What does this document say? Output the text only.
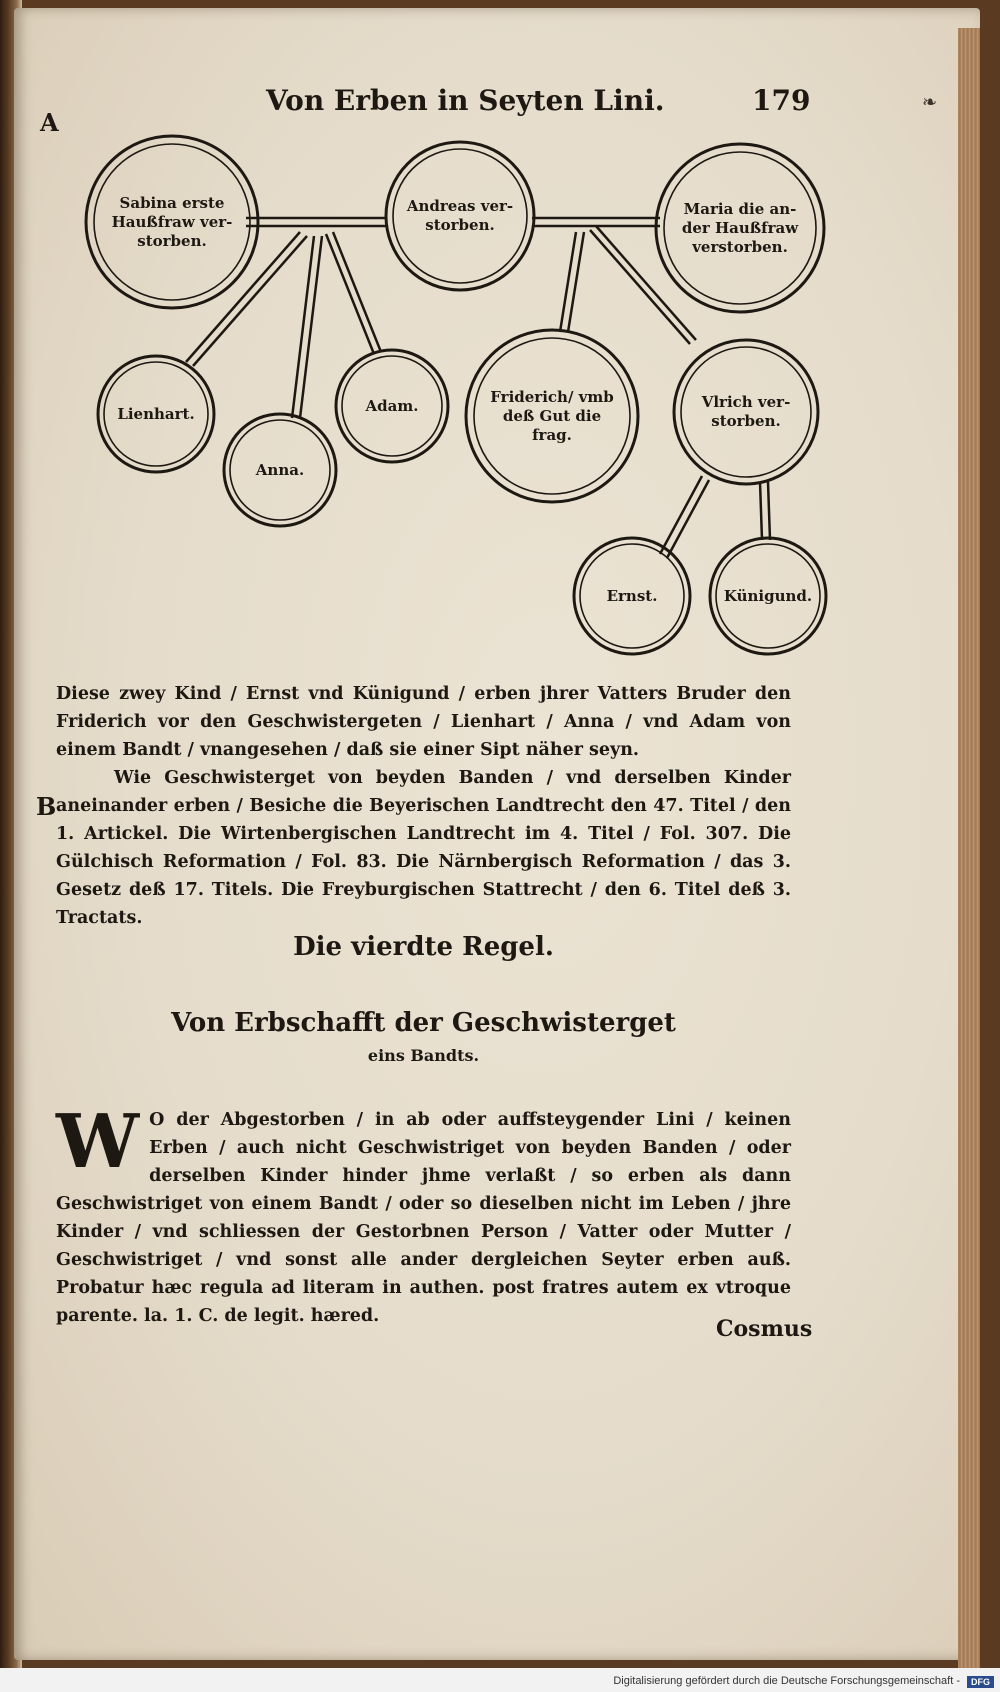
A
Von Erben in Seyten Lini.	179	❧
Sabina erste
Haußfraw ver-
storben.
Andreas ver-
storben.
Maria die an-
der Haußfraw
verstorben.
Lienhart.
Anna.
Adam.	Friderich/ vmb
deß Gut die
frag.
Vlrich ver-
storben.
Ernst.	Künigund.
Diese zwey Kind / Ernst vnd Künigund / erben jhrer Vatters Bruder den Friderich vor den Geschwistergeten / Lienhart / Anna / vnd Adam von einem Bandt / vnangesehen / daß sie einer Sipt näher seyn.
B
Wie Geschwisterget von beyden Banden / vnd derselben Kinder aneinander erben / Besiche die Beyerischen Landtrecht den 47. Titel / den 1. Artickel. Die Wirtenbergischen Landtrecht im 4. Titel / Fol. 307. Die Gülchisch Reformation / Fol. 83. Die Närnbergisch Reformation / das 3. Gesetz deß 17. Titels. Die Freyburgischen Stattrecht / den 6. Titel deß 3. Tractats.
Die vierdte Regel.
Von Erbschafft der Geschwisterget
eins Bandts.
W O der Abgestorben / in ab oder auffsteygender Lini / keinen Erben / auch nicht Geschwistriget von beyden Banden / oder derselben Kinder hinder jhme verlaßt / so erben als dann Geschwistriget von einem Bandt / oder so dieselben nicht im Leben / jhre Kinder / vnd schliessen der Gestorbnen Person / Vatter oder Mutter / Geschwistriget / vnd sonst alle ander dergleichen Seyter erben auß. Probatur hæc regula ad literam in authen. post fratres autem ex vtroque parente. la. 1. C. de legit. hæred.	Cosmus
Digitalisierung gefördert durch die Deutsche Forschungsgemeinschaft -	DFG
